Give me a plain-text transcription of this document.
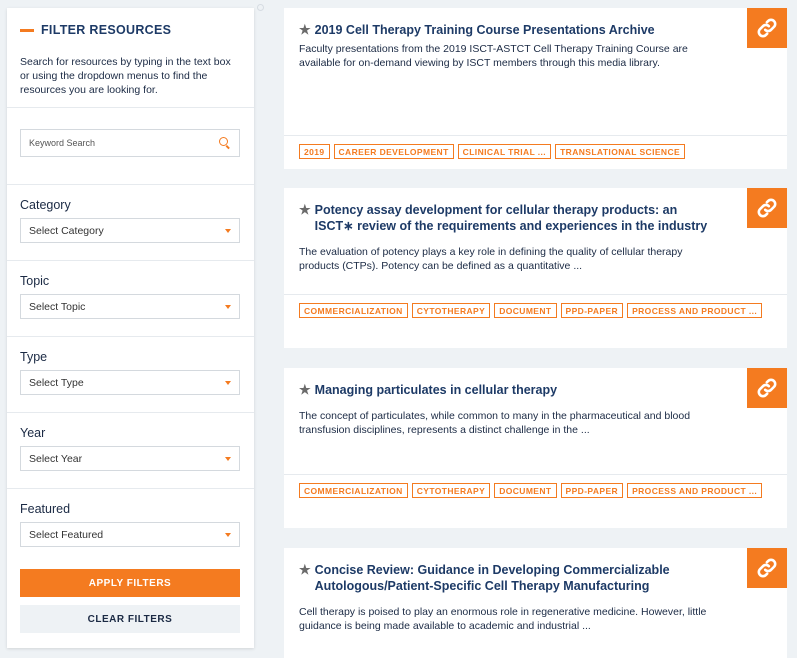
FILTER RESOURCES

Search for resources by typing in the text box or using the dropdown menus to find the resources you are looking for.

Keyword Search
Category
Select Category
Topic
Select Topic
Type
Select Type
Year
Select Year
Featured
Select Featured
APPLY FILTERS
CLEAR FILTERS
★ 2019 Cell Therapy Training Course Presentations Archive

Faculty presentations from the 2019 ISCT-ASTCT Cell Therapy Training Course are available for on-demand viewing by ISCT members through this media library.

2019	CAREER DEVELOPMENT	CLINICAL TRIAL ...	TRANSLATIONAL SCIENCE
★ Potency assay development for cellular therapy products: an ISCT∗ review of the requirements and experiences in the industry

The evaluation of potency plays a key role in defining the quality of cellular therapy products (CTPs). Potency can be defined as a quantitative ...

COMMERCIALIZATION	CYTOTHERAPY	DOCUMENT	PPD-PAPER	PROCESS AND PRODUCT ...
★ Managing particulates in cellular therapy

The concept of particulates, while common to many in the pharmaceutical and blood transfusion disciplines, represents a distinct challenge in the ...

COMMERCIALIZATION	CYTOTHERAPY	DOCUMENT	PPD-PAPER	PROCESS AND PRODUCT ...
★ Concise Review: Guidance in Developing Commercializable Autologous/Patient-Specific Cell Therapy Manufacturing

Cell therapy is poised to play an enormous role in regenerative medicine. However, little guidance is being made available to academic and industrial ...
